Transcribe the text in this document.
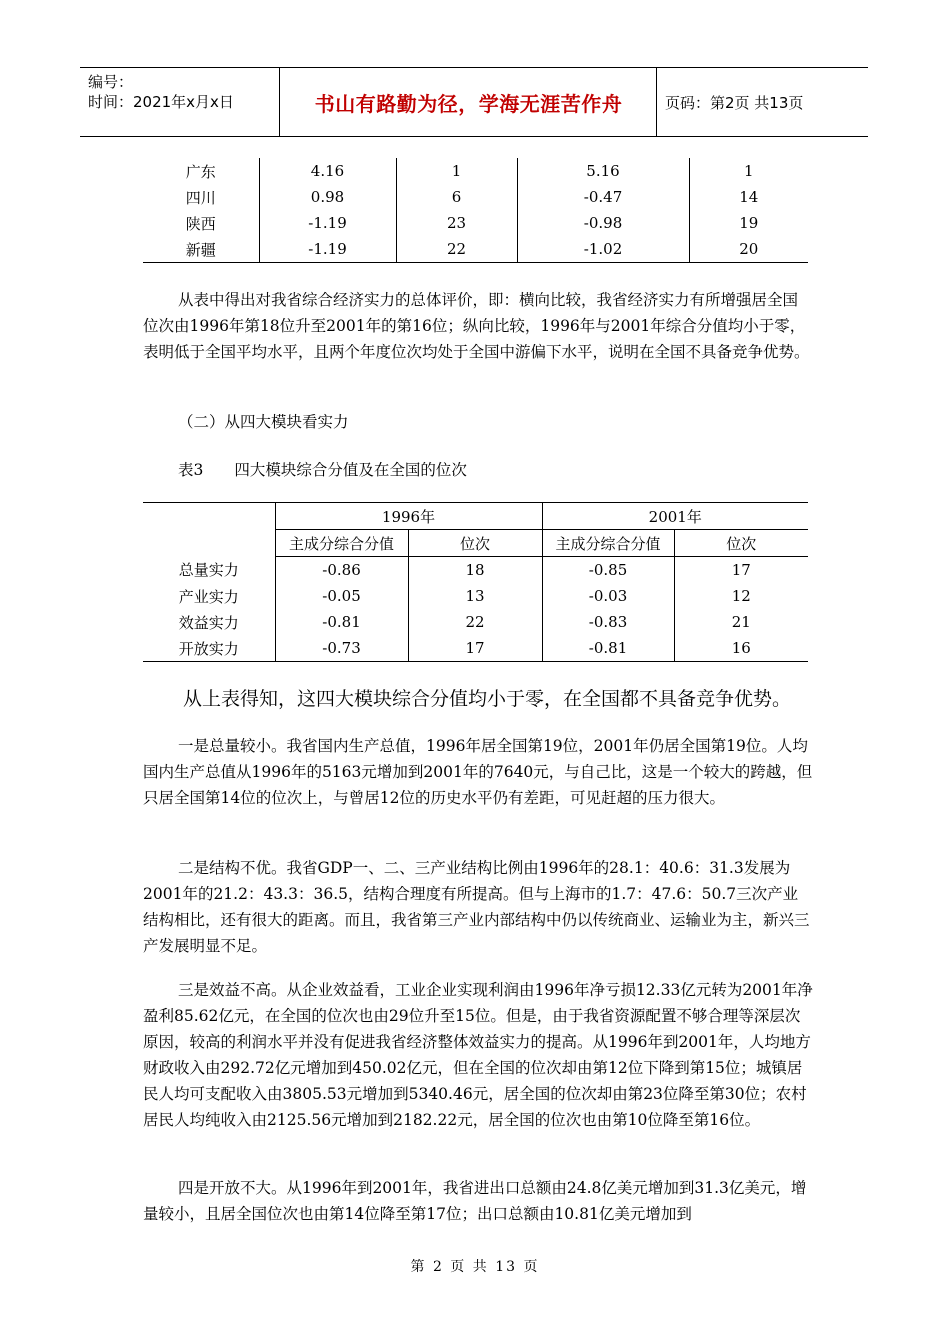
编号：
时间：2021年x月x日	书山有路勤为径，学海无涯苦作舟	页码：第2页 共13页
广东	4.16	1	5.16	1
四川	0.98	6	-0.47	14
陕西	-1.19	23	-0.98	19
新疆	-1.19	22	-1.02	20

从表中得出对我省综合经济实力的总体评价，即：横向比较，我省经济实力有所增强居全国位次由1996年第18位升至2001年的第16位；纵向比较，1996年与2001年综合分值均小于零，表明低于全国平均水平，且两个年度位次均处于全国中游偏下水平，说明在全国不具备竞争优势。

（二）从四大模块看实力

表3　　四大模块综合分值及在全国的位次

	1996年		2001年	
	主成分综合分值	位次	主成分综合分值	位次
总量实力	-0.86	18	-0.85	17
产业实力	-0.05	13	-0.03	12
效益实力	-0.81	22	-0.83	21
开放实力	-0.73	17	-0.81	16

从上表得知，这四大模块综合分值均小于零，在全国都不具备竞争优势。

一是总量较小。我省国内生产总值，1996年居全国第19位，2001年仍居全国第19位。人均国内生产总值从1996年的5163元增加到2001年的7640元，与自己比，这是一个较大的跨越，但只居全国第14位的位次上，与曾居12位的历史水平仍有差距，可见赶超的压力很大。

二是结构不优。我省GDP一、二、三产业结构比例由1996年的28.1：40.6：31.3发展为2001年的21.2：43.3：36.5，结构合理度有所提高。但与上海市的1.7：47.6：50.7三次产业结构相比，还有很大的距离。而且，我省第三产业内部结构中仍以传统商业、运输业为主，新兴三产发展明显不足。

三是效益不高。从企业效益看，工业企业实现利润由1996年净亏损12.33亿元转为2001年净盈利85.62亿元，在全国的位次也由29位升至15位。但是，由于我省资源配置不够合理等深层次原因，较高的利润水平并没有促进我省经济整体效益实力的提高。从1996年到2001年，人均地方财政收入由292.72亿元增加到450.02亿元，但在全国的位次却由第12位下降到第15位；城镇居民人均可支配收入由3805.53元增加到5340.46元，居全国的位次却由第23位降至第30位；农村居民人均纯收入由2125.56元增加到2182.22元，居全国的位次也由第10位降至第16位。

四是开放不大。从1996年到2001年，我省进出口总额由24.8亿美元增加到31.3亿美元，增量较小，且居全国位次也由第14位降至第17位；出口总额由10.81亿美元增加到

第 2 页 共 13 页
